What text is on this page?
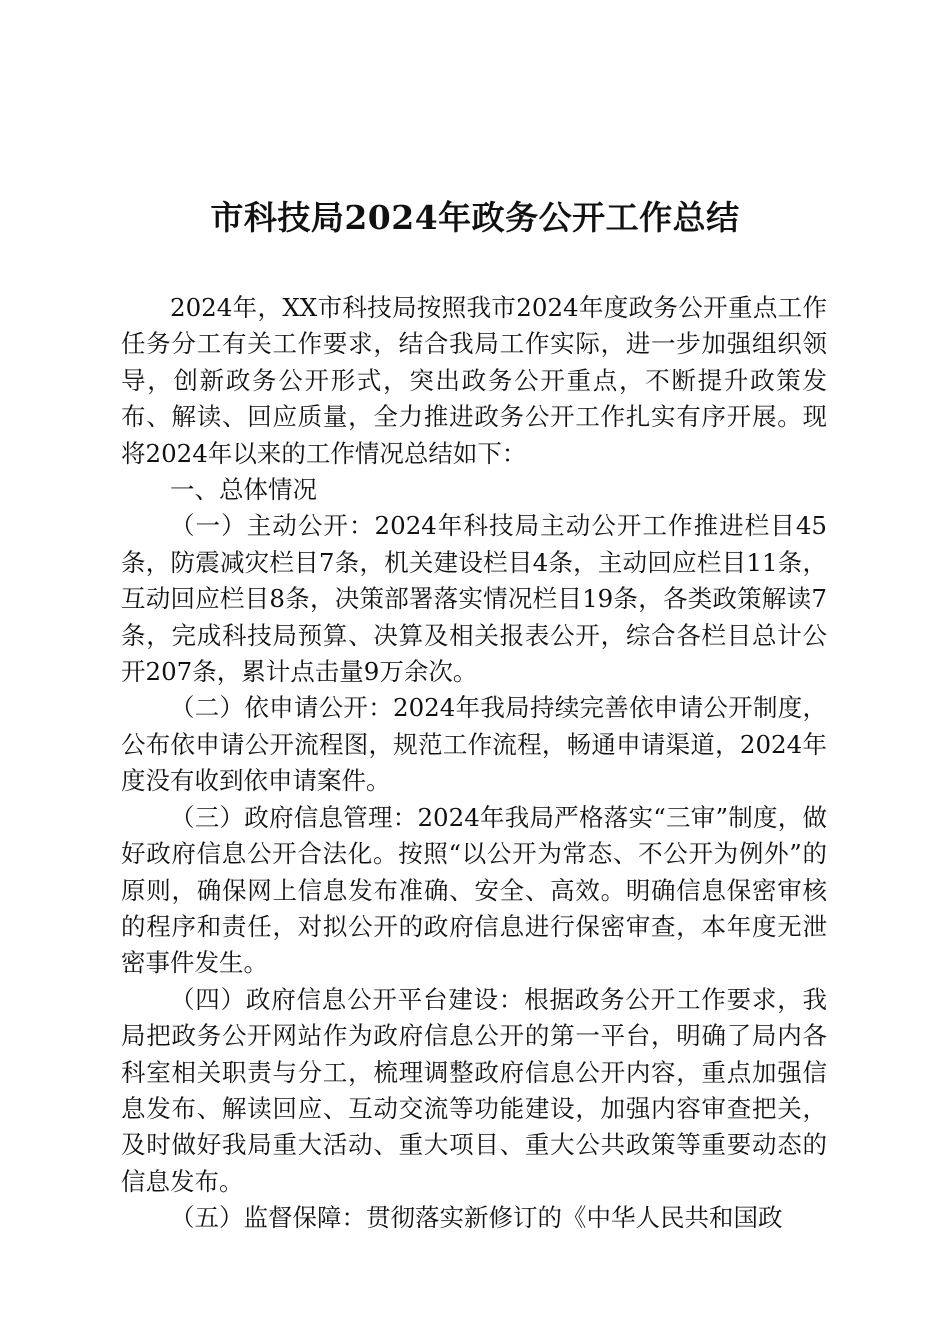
市科技局2024年政务公开工作总结

2024年，XX市科技局按照我市2024年度政务公开重点工作任务分工有关工作要求，结合我局工作实际，进一步加强组织领导，创新政务公开形式，突出政务公开重点，不断提升政策发布、解读、回应质量，全力推进政务公开工作扎实有序开展。现将2024年以来的工作情况总结如下：

一、总体情况

（一）主动公开：2024年科技局主动公开工作推进栏目45条，防震减灾栏目7条，机关建设栏目4条，主动回应栏目11条，互动回应栏目8条，决策部署落实情况栏目19条，各类政策解读7条，完成科技局预算、决算及相关报表公开，综合各栏目总计公开207条，累计点击量9万余次。

（二）依申请公开：2024年我局持续完善依申请公开制度，公布依申请公开流程图，规范工作流程，畅通申请渠道，2024年度没有收到依申请案件。

（三）政府信息管理：2024年我局严格落实“三审”制度，做好政府信息公开合法化。按照“以公开为常态、不公开为例外”的原则，确保网上信息发布准确、安全、高效。明确信息保密审核的程序和责任，对拟公开的政府信息进行保密审查，本年度无泄密事件发生。

（四）政府信息公开平台建设：根据政务公开工作要求，我局把政务公开网站作为政府信息公开的第一平台，明确了局内各科室相关职责与分工，梳理调整政府信息公开内容，重点加强信息发布、解读回应、互动交流等功能建设，加强内容审查把关，及时做好我局重大活动、重大项目、重大公共政策等重要动态的信息发布。

（五）监督保障：贯彻落实新修订的《中华人民共和国政
